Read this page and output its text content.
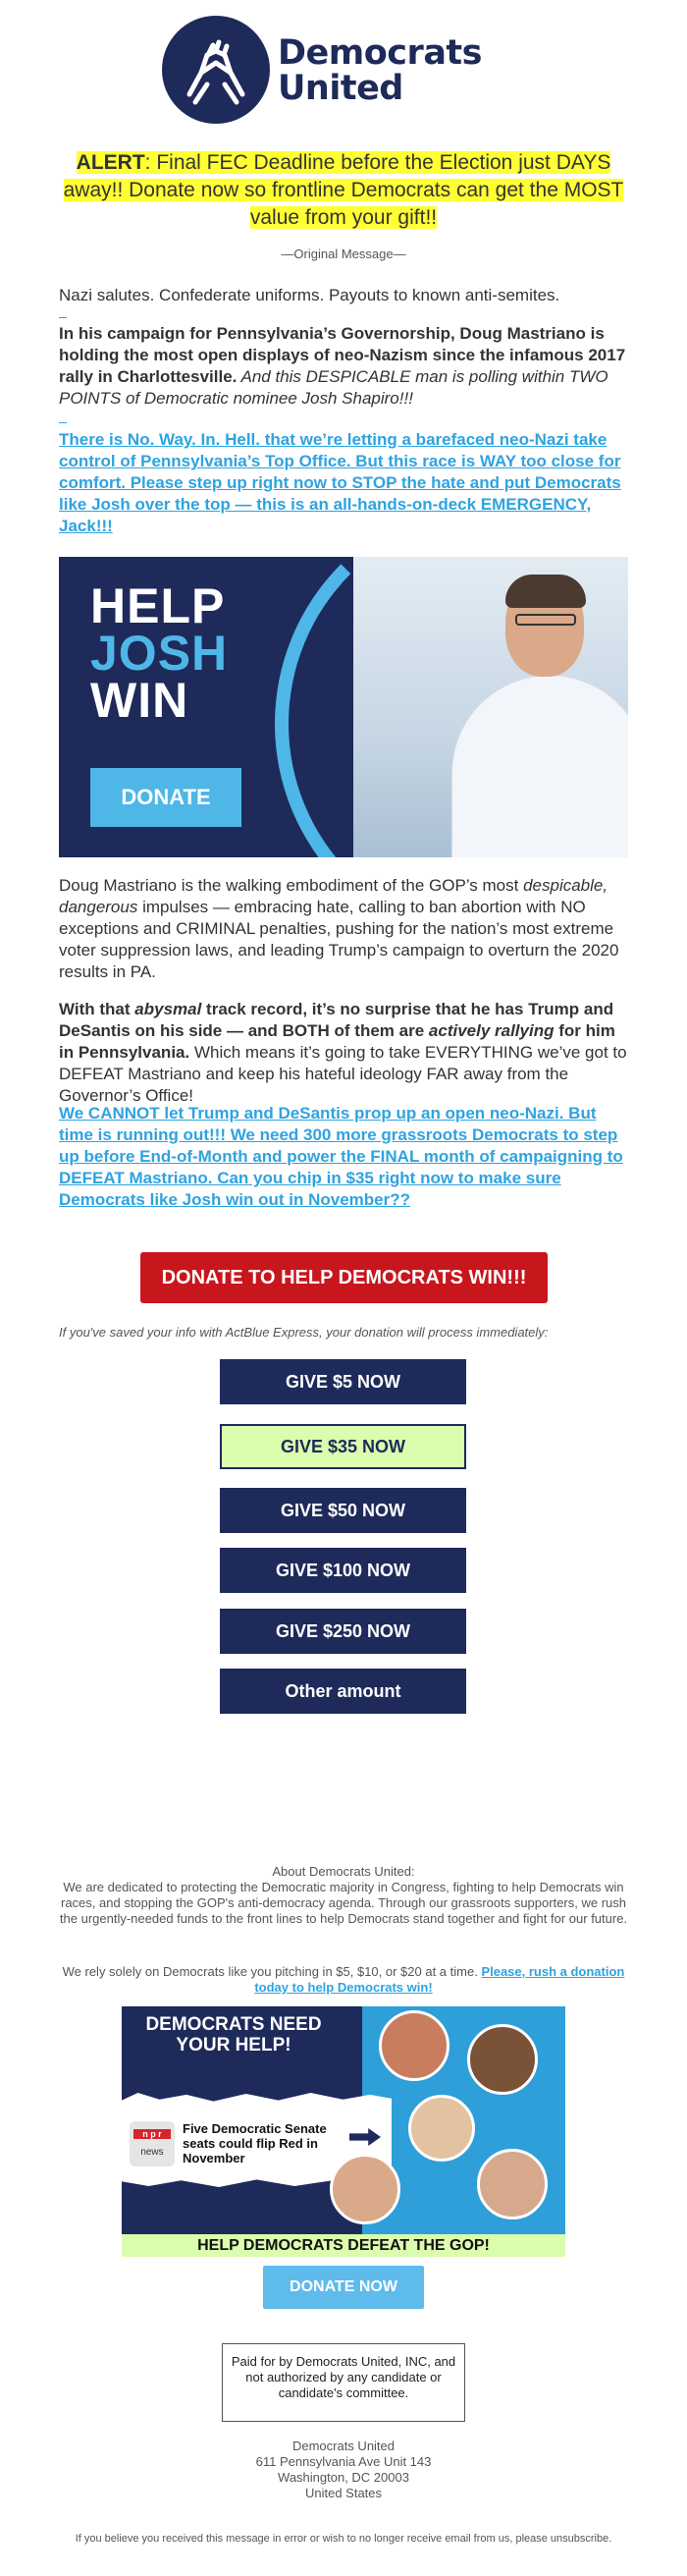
Democrats
United
ALERT: Final FEC Deadline before the Election just DAYS away!! Donate now so frontline Democrats can get the MOST value from your gift!!
—Original Message—
Nazi salutes. Confederate uniforms. Payouts to known anti-semites.
In his campaign for Pennsylvania’s Governorship, Doug Mastriano is holding the most open displays of neo-Nazism since the infamous 2017 rally in Charlottesville. And this DESPICABLE man is polling within TWO POINTS of Democratic nominee Josh Shapiro!!!
There is No. Way. In. Hell. that we’re letting a barefaced neo-Nazi take control of Pennsylvania’s Top Office. But this race is WAY too close for comfort. Please step up right now to STOP the hate and put Democrats like Josh over the top — this is an all-hands-on-deck EMERGENCY, Jack!!!
HELP
JOSH
WIN
DONATE
Doug Mastriano is the walking embodiment of the GOP’s most despicable, dangerous impulses — embracing hate, calling to ban abortion with NO exceptions and CRIMINAL penalties, pushing for the nation’s most extreme voter suppression laws, and leading Trump’s campaign to overturn the 2020 results in PA.
With that abysmal track record, it’s no surprise that he has Trump and DeSantis on his side — and BOTH of them are actively rallying for him in Pennsylvania. Which means it’s going to take EVERYTHING we’ve got to DEFEAT Mastriano and keep his hateful ideology FAR away from the Governor’s Office!
We CANNOT let Trump and DeSantis prop up an open neo-Nazi. But time is running out!!! We need 300 more grassroots Democrats to step up before End-of-Month and power the FINAL month of campaigning to DEFEAT Mastriano. Can you chip in $35 right now to make sure Democrats like Josh win out in November??
DONATE TO HELP DEMOCRATS WIN!!!
If you've saved your info with ActBlue Express, your donation will process immediately:
GIVE $5 NOW
GIVE $35 NOW
GIVE $50 NOW
GIVE $100 NOW
GIVE $250 NOW
Other amount
About Democrats United:
We are dedicated to protecting the Democratic majority in Congress, fighting to help Democrats win races, and stopping the GOP's anti-democracy agenda. Through our grassroots supporters, we rush the urgently-needed funds to the front lines to help Democrats stand together and fight for our future.
We rely solely on Democrats like you pitching in $5, $10, or $20 at a time. Please, rush a donation today to help Democrats win!
DEMOCRATS NEED YOUR HELP!
n p r
news
Five Democratic Senate seats could flip Red in November
HELP DEMOCRATS DEFEAT THE GOP!
DONATE NOW
Paid for by Democrats United, INC, and not authorized by any candidate or candidate's committee.
Democrats United
611 Pennsylvania Ave Unit 143
Washington, DC 20003
United States
If you believe you received this message in error or wish to no longer receive email from us, please unsubscribe.
